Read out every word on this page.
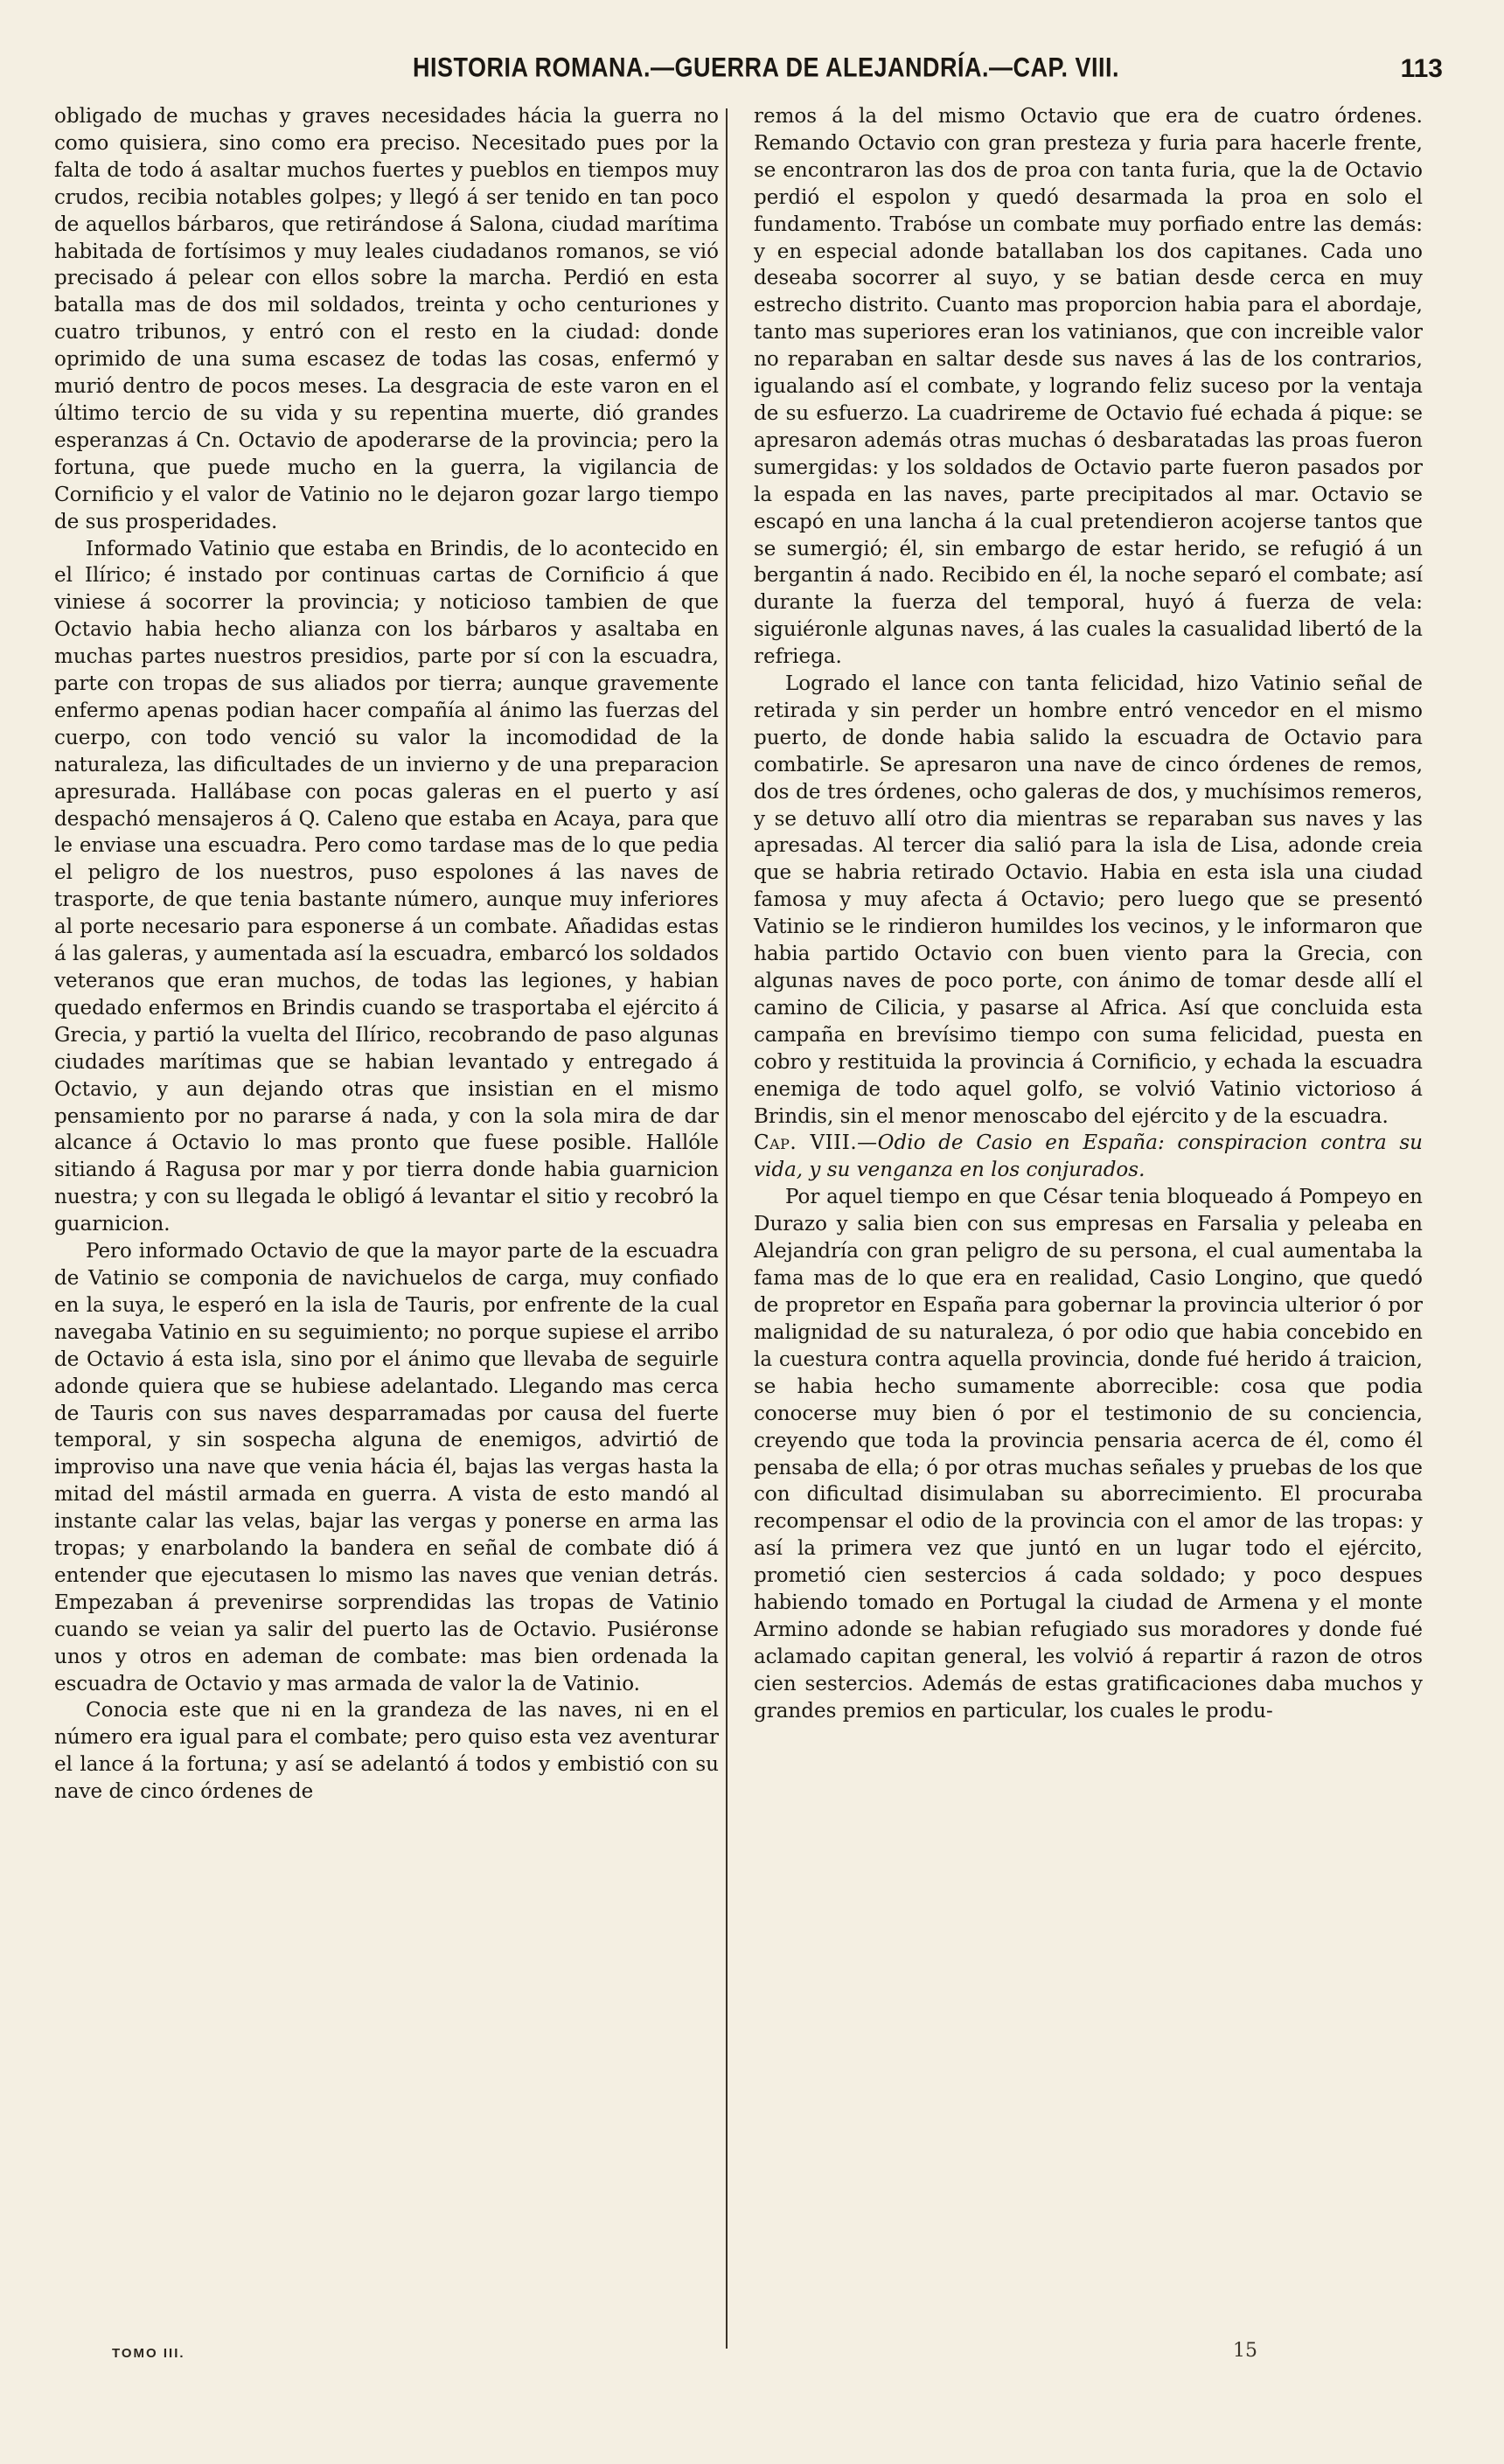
HISTORIA ROMANA.—GUERRA DE ALEJANDRÍA.—CAP. VIII.	113

obligado de muchas y graves necesidades hácia la guerra no como quisiera, sino como era preciso. Necesitado pues por la falta de todo á asaltar muchos fuertes y pueblos en tiempos muy crudos, recibia notables golpes; y llegó á ser tenido en tan poco de aquellos bárbaros, que retirándose á Salona, ciudad marítima habitada de fortísimos y muy leales ciudadanos romanos, se vió precisado á pelear con ellos sobre la marcha. Perdió en esta batalla mas de dos mil soldados, treinta y ocho centuriones y cuatro tribunos, y entró con el resto en la ciudad: donde oprimido de una suma escasez de todas las cosas, enfermó y murió dentro de pocos meses. La desgracia de este varon en el último tercio de su vida y su repentina muerte, dió grandes esperanzas á Cn. Octavio de apoderarse de la provincia; pero la fortuna, que puede mucho en la guerra, la vigilancia de Cornificio y el valor de Vatinio no le dejaron gozar largo tiempo de sus prosperidades.

Informado Vatinio que estaba en Brindis, de lo acontecido en el Ilírico; é instado por continuas cartas de Cornificio á que viniese á socorrer la provincia; y noticioso tambien de que Octavio habia hecho alianza con los bárbaros y asaltaba en muchas partes nuestros presidios, parte por sí con la escuadra, parte con tropas de sus aliados por tierra; aunque gravemente enfermo apenas podian hacer compañía al ánimo las fuerzas del cuerpo, con todo venció su valor la incomodidad de la naturaleza, las dificultades de un invierno y de una preparacion apresurada. Hallábase con pocas galeras en el puerto y así despachó mensajeros á Q. Caleno que estaba en Acaya, para que le enviase una escuadra. Pero como tardase mas de lo que pedia el peligro de los nuestros, puso espolones á las naves de trasporte, de que tenia bastante número, aunque muy inferiores al porte necesario para esponerse á un combate. Añadidas estas á las galeras, y aumentada así la escuadra, embarcó los soldados veteranos que eran muchos, de todas las legiones, y habian quedado enfermos en Brindis cuando se trasportaba el ejército á Grecia, y partió la vuelta del Ilírico, recobrando de paso algunas ciudades marítimas que se habian levantado y entregado á Octavio, y aun dejando otras que insistian en el mismo pensamiento por no pararse á nada, y con la sola mira de dar alcance á Octavio lo mas pronto que fuese posible. Hallóle sitiando á Ragusa por mar y por tierra donde habia guarnicion nuestra; y con su llegada le obligó á levantar el sitio y recobró la guarnicion.

Pero informado Octavio de que la mayor parte de la escuadra de Vatinio se componia de navichuelos de carga, muy confiado en la suya, le esperó en la isla de Tauris, por enfrente de la cual navegaba Vatinio en su seguimiento; no porque supiese el arribo de Octavio á esta isla, sino por el ánimo que llevaba de seguirle adonde quiera que se hubiese adelantado. Llegando mas cerca de Tauris con sus naves desparramadas por causa del fuerte temporal, y sin sospecha alguna de enemigos, advirtió de improviso una nave que venia hácia él, bajas las vergas hasta la mitad del mástil armada en guerra. A vista de esto mandó al instante calar las velas, bajar las vergas y ponerse en arma las tropas; y enarbolando la bandera en señal de combate dió á entender que ejecutasen lo mismo las naves que venian detrás. Empezaban á prevenirse sorprendidas las tropas de Vatinio cuando se veian ya salir del puerto las de Octavio. Pusiéronse unos y otros en ademan de combate: mas bien ordenada la escuadra de Octavio y mas armada de valor la de Vatinio.

Conocia este que ni en la grandeza de las naves, ni en el número era igual para el combate; pero quiso esta vez aventurar el lance á la fortuna; y así se adelantó á todos y embistió con su nave de cinco órdenes de

remos á la del mismo Octavio que era de cuatro órdenes. Remando Octavio con gran presteza y furia para hacerle frente, se encontraron las dos de proa con tanta furia, que la de Octavio perdió el espolon y quedó desarmada la proa en solo el fundamento. Trabóse un combate muy porfiado entre las demás: y en especial adonde batallaban los dos capitanes. Cada uno deseaba socorrer al suyo, y se batian desde cerca en muy estrecho distrito. Cuanto mas proporcion habia para el abordaje, tanto mas superiores eran los vatinianos, que con increible valor no reparaban en saltar desde sus naves á las de los contrarios, igualando así el combate, y logrando feliz suceso por la ventaja de su esfuerzo. La cuadrireme de Octavio fué echada á pique: se apresaron además otras muchas ó desbaratadas las proas fueron sumergidas: y los soldados de Octavio parte fueron pasados por la espada en las naves, parte precipitados al mar. Octavio se escapó en una lancha á la cual pretendieron acojerse tantos que se sumergió; él, sin embargo de estar herido, se refugió á un bergantin á nado. Recibido en él, la noche separó el combate; así durante la fuerza del temporal, huyó á fuerza de vela: siguiéronle algunas naves, á las cuales la casualidad libertó de la refriega.

Logrado el lance con tanta felicidad, hizo Vatinio señal de retirada y sin perder un hombre entró vencedor en el mismo puerto, de donde habia salido la escuadra de Octavio para combatirle. Se apresaron una nave de cinco órdenes de remos, dos de tres órdenes, ocho galeras de dos, y muchísimos remeros, y se detuvo allí otro dia mientras se reparaban sus naves y las apresadas. Al tercer dia salió para la isla de Lisa, adonde creia que se habria retirado Octavio. Habia en esta isla una ciudad famosa y muy afecta á Octavio; pero luego que se presentó Vatinio se le rindieron humildes los vecinos, y le informaron que habia partido Octavio con buen viento para la Grecia, con algunas naves de poco porte, con ánimo de tomar desde allí el camino de Cilicia, y pasarse al Africa. Así que concluida esta campaña en brevísimo tiempo con suma felicidad, puesta en cobro y restituida la provincia á Cornificio, y echada la escuadra enemiga de todo aquel golfo, se volvió Vatinio victorioso á Brindis, sin el menor menoscabo del ejército y de la escuadra.

Cap. VIII.—Odio de Casio en España: conspiracion contra su vida, y su venganza en los conjurados.

Por aquel tiempo en que César tenia bloqueado á Pompeyo en Durazo y salia bien con sus empresas en Farsalia y peleaba en Alejandría con gran peligro de su persona, el cual aumentaba la fama mas de lo que era en realidad, Casio Longino, que quedó de propretor en España para gobernar la provincia ulterior ó por malignidad de su naturaleza, ó por odio que habia concebido en la cuestura contra aquella provincia, donde fué herido á traicion, se habia hecho sumamente aborrecible: cosa que podia conocerse muy bien ó por el testimonio de su conciencia, creyendo que toda la provincia pensaria acerca de él, como él pensaba de ella; ó por otras muchas señales y pruebas de los que con dificultad disimulaban su aborrecimiento. El procuraba recompensar el odio de la provincia con el amor de las tropas: y así la primera vez que juntó en un lugar todo el ejército, prometió cien sestercios á cada soldado; y poco despues habiendo tomado en Portugal la ciudad de Armena y el monte Armino adonde se habian refugiado sus moradores y donde fué aclamado capitan general, les volvió á repartir á razon de otros cien sestercios. Además de estas gratificaciones daba muchos y grandes premios en particular, los cuales le produ-

TOMO III.	15
